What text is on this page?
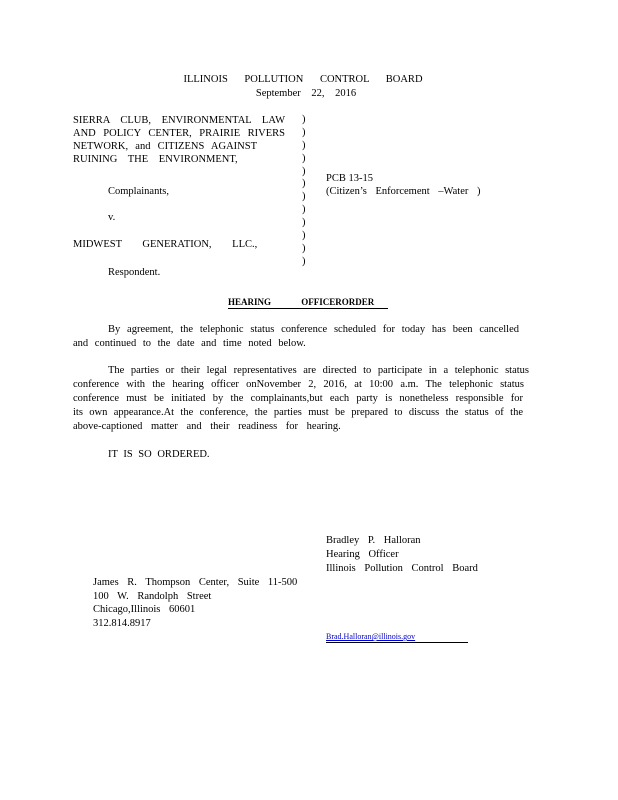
ILLINOIS POLLUTION CONTROL BOARD
September 22, 2016
SIERRA CLUB, ENVIRONMENTAL LAW
AND POLICY CENTER, PRAIRIE RIVERS
NETWORK, and CITIZENS AGAINST
RUINING THE ENVIRONMENT,
Complainants,
v.
MIDWEST GENERATION, LLC.,
Respondent.
)
)
)
)
)
)
)
)
)
)
)
)
PCB 13-15
(Citizen’s Enforcement –Water )
HEARING OFFICERORDER
By agreement, the telephonic status conference scheduled for today has been cancelled
and continued to the date and time noted below.
The parties or their legal representatives are directed to participate in a telephonic status
conference with the hearing officer onNovember 2, 2016, at 10:00 a.m. The telephonic status
conference must be initiated by the complainants,but each party is nonetheless responsible for
its own appearance.At the conference, the parties must be prepared to discuss the status of the
above-captioned matter and their readiness for hearing.
IT IS SO ORDERED.
Bradley P. Halloran
Hearing Officer
Illinois Pollution Control Board
James R. Thompson Center, Suite 11-500
100 W. Randolph Street
Chicago,Illinois 60601
312.814.8917
Brad.Halloran@illinois.gov
